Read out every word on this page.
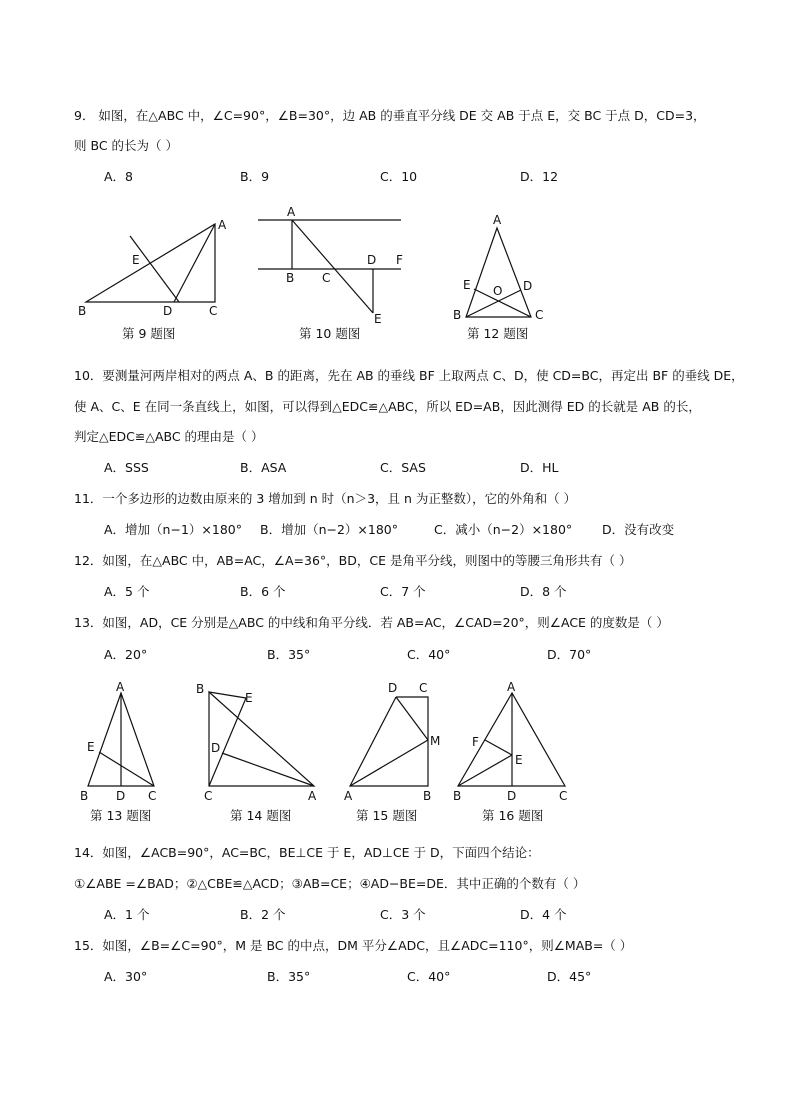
9． 如图，在△ABC 中，∠C=90°，∠B=30°，边 AB 的垂直平分线 DE 交 AB 于点 E，交 BC 于点 D，CD=3，
则 BC 的长为（ ）
A．8	B．9	C．10	D．12
A
E
B	D	C
A
B C
D F
E
A
E	D
O
B	C
A
E
B D C
B
E
D
C	A
D C
M
A	B
A
F
E
B	D	C
第 9 题图	第 10 题图	第 12 题图
10．要测量河两岸相对的两点 A、B 的距离，先在 AB 的垂线 BF 上取两点 C、D，使 CD=BC，再定出 BF 的垂线 DE，
使 A、C、E 在同一条直线上，如图，可以得到△EDC≌△ABC，所以 ED=AB，因此测得 ED 的长就是 AB 的长，
判定△EDC≌△ABC 的理由是（ ）
A．SSS	B．ASA	C．SAS	D．HL
11．一个多边形的边数由原来的 3 增加到 n 时（n＞3，且 n 为正整数），它的外角和（ ）
A．增加（n−1）×180° B．增加（n−2）×180°	C．减小（n−2）×180° D．没有改变
12．如图，在△ABC 中，AB=AC，∠A=36°，BD，CE 是角平分线，则图中的等腰三角形共有（ ）
A．5 个	B．6 个	C．7 个	D．8 个
13．如图，AD，CE 分别是△ABC 的中线和角平分线．若 AB=AC，∠CAD=20°，则∠ACE 的度数是（ ）
A．20°	B．35°	C．40°	D．70°
第 13 题图	第 14 题图	第 15 题图	第 16 题图
14．如图，∠ACB=90°，AC=BC，BE⊥CE 于 E，AD⊥CE 于 D，下面四个结论：
①∠ABE =∠BAD；②△CBE≌△ACD；③AB=CE；④AD−BE=DE．其中正确的个数有（ ）
A．1 个	B．2 个	C．3 个	D．4 个
15．如图，∠B=∠C=90°，M 是 BC 的中点，DM 平分∠ADC，且∠ADC=110°，则∠MAB=（ ）
A．30°	B．35°	C．40°	D．45°
